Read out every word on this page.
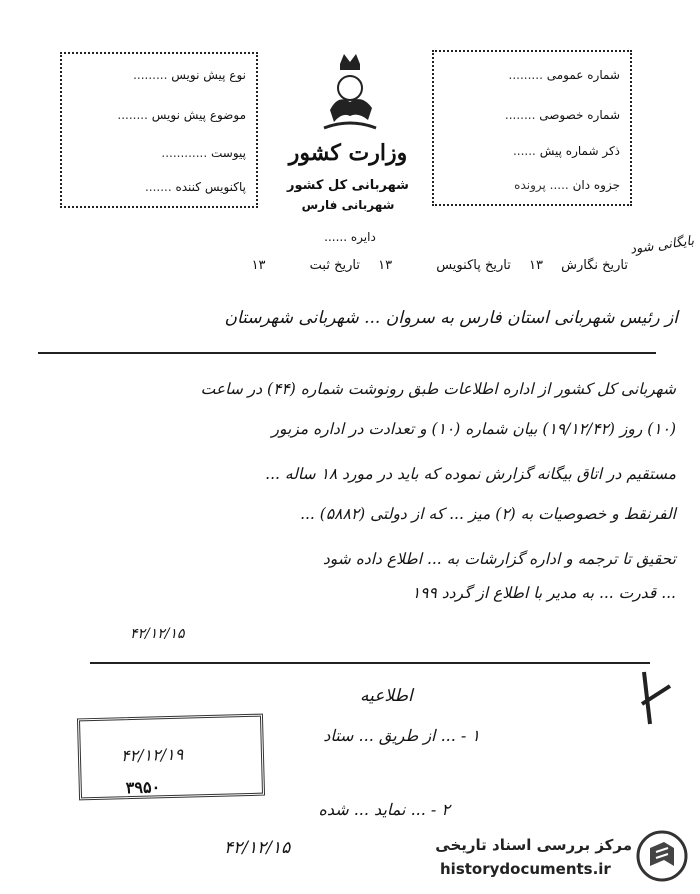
نوع پیش نویس .........
موضوع پیش نویس ........
پیوست ............
پاکنویس کننده .......
شماره عمومی .........
شماره خصوصی ........
ذکر شماره پیش ......
جزوه دان ..... پرونده
وزارت کشور
شهربانی کل کشور
شهربانی فارس
دایره ......	بایگانی شود
تاریخ نگارش ۱۳ تاریخ پاکنویس ۱۳ تاریخ ثبت ۱۳
از رئیس شهربانی استان فارس به سروان ... شهربانی شهرستان
شهربانی کل کشور از اداره اطلاعات طبق رونوشت شماره (۴۴) در ساعت
(۱۰) روز (۱۹/۱۲/۴۲) بیان شماره (۱۰) و تعدادت در اداره مزبور
مستقیم در اتاق بیگانه گزارش نموده که باید در مورد ۱۸ ساله ...
الفرنقط و خصوصیات به (۲) میز ... که از دولتی (۵۸۸۲) ...
تحقیق تا ترجمه و اداره گزارشات به ... اطلاع داده شود
... قدرت ... به مدیر با اطلاع از گردد ۱۹۹
۴۲/۱۲/۱۵
اطلاعیه
۱ - ... از طریق ... ستاد
۲ - ... نماید ... شده
۴۲/۱۲/۱۵
۴۲/۱۲/۱۹
۳۹۵۰
مرکز بررسی اسناد تاریخی
historydocuments.ir
